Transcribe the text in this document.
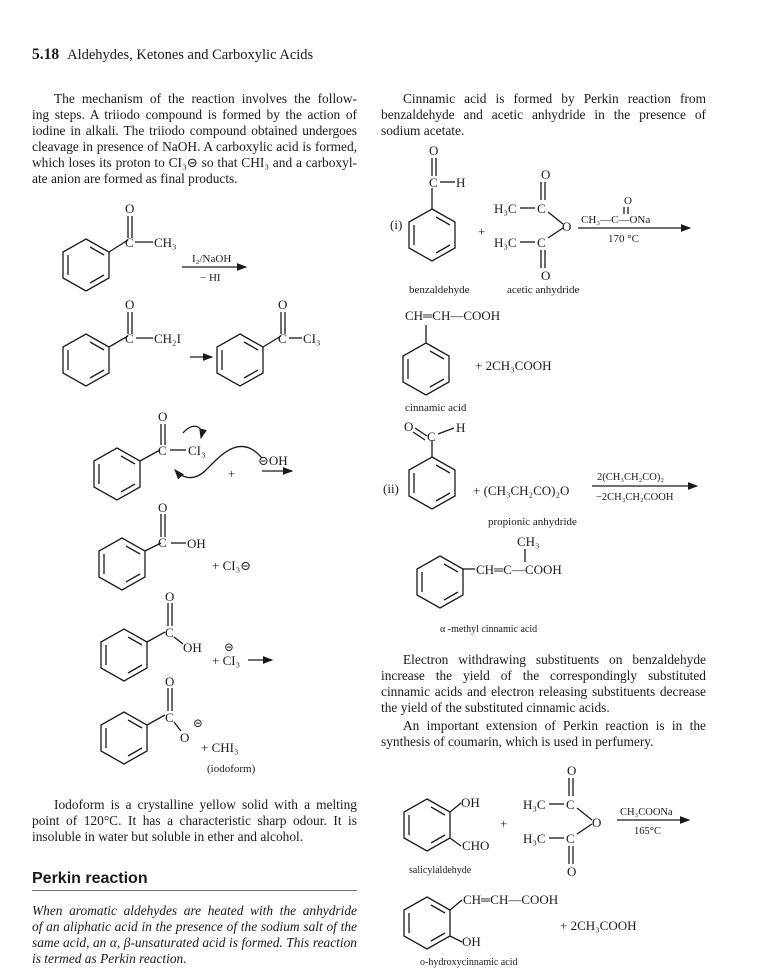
5.18 Aldehydes, Ketones and Carboxylic Acids
The mechanism of the reaction involves the follow-
ing steps. A triiodo compound is formed by the action of
iodine in alkali. The triiodo compound obtained undergoes
cleavage in presence of NaOH. A carboxylic acid is formed,
which loses its proton to CI₃⊝ so that CHI₃ and a carboxyl-
ate anion are formed as final products.
Cinnamic acid is formed by Perkin reaction from
benzaldehyde and acetic anhydride in the presence of
sodium acetate.
O
C CH₃
I₂/NaOH
− HI
O
C CH₂I
O
C CI₃
O
C CI₃
+
⊝OH
O
C OH
+ CI₃⊝
O
C
OH ⊝
+ CI₃
O
C
O
⊝
+ CHI₃
(iodoform)
O
C H
(i)	+
O
H₃C C
O
H₃C C
O
O
CH₃—C—ONa
170 °C
benzaldehyde	acetic anhydride
CH═CH—COOH
+ 2CH₃COOH
cinnamic acid
O
C
H
(ii)	+ (CH₃CH₂CO)₂O
2(CH₃CH₂CO)₂
−2CH₃CH₂COOH
propionic anhydride
CH₃
CH═C—COOH
α -methyl cinnamic acid
OH
CHO
+
salicylaldehyde
O
H₃C C
O
H₃C C
O
CH₃COONa
165°C
CH═CH—COOH
+ 2CH₃COOH
OH
o-hydroxycinnamic acid
Electron withdrawing substituents on benzaldehyde
increase the yield of the correspondingly substituted
cinnamic acids and electron releasing substituents decrease
the yield of the substituted cinnamic acids.
An important extension of Perkin reaction is in the
synthesis of coumarin, which is used in perfumery.
Iodoform is a crystalline yellow solid with a melting
point of 120°C. It has a characteristic sharp odour. It is
insoluble in water but soluble in ether and alcohol.
Perkin reaction
When aromatic aldehydes are heated with the anhydride
of an aliphatic acid in the presence of the sodium salt of the
same acid, an α, β-unsaturated acid is formed. This reaction
is termed as Perkin reaction.
